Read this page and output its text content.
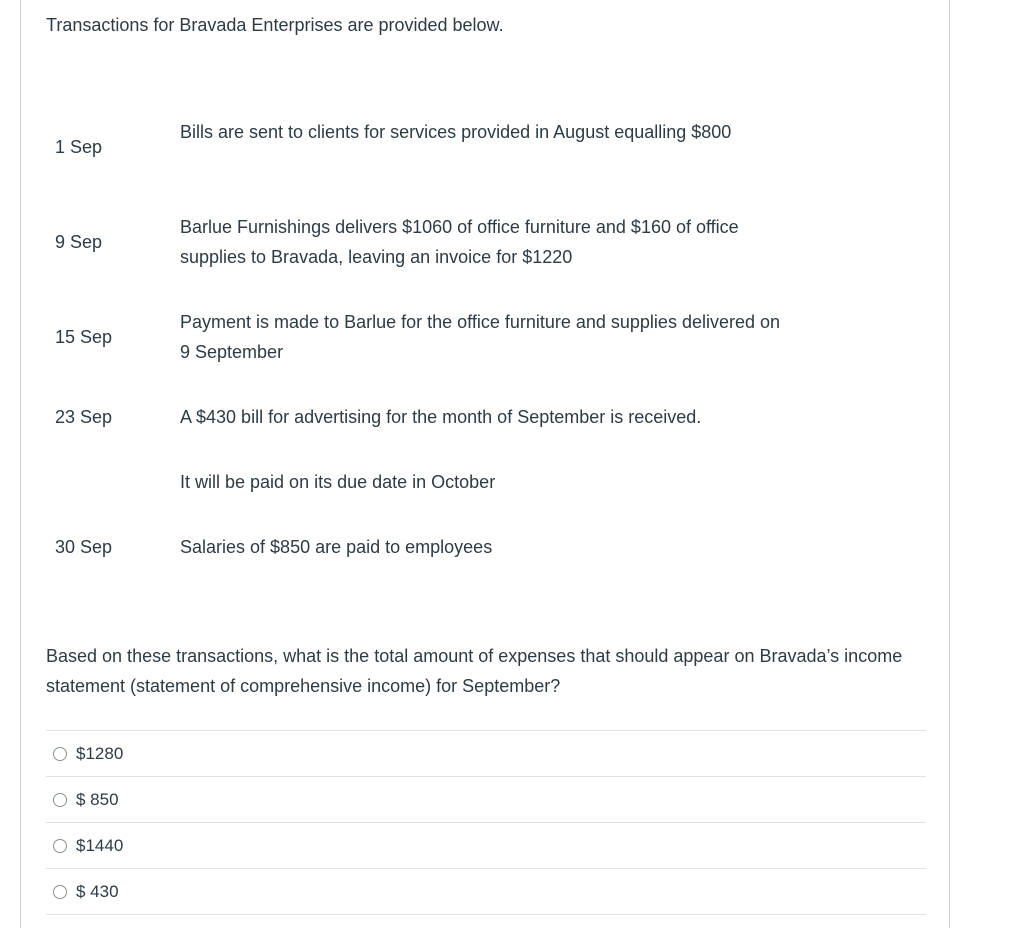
Transactions for Bravada Enterprises are provided below.
1 Sep
Bills are sent to clients for services provided in August equalling $800
9 Sep
Barlue Furnishings delivers $1060 of office furniture and $160 of office supplies to Bravada, leaving an invoice for $1220
15 Sep
Payment is made to Barlue for the office furniture and supplies delivered on 9 September
23 Sep	A $430 bill for advertising for the month of September is received.
It will be paid on its due date in October
30 Sep	Salaries of $850 are paid to employees
Based on these transactions, what is the total amount of expenses that should appear on Bravada’s income statement (statement of comprehensive income) for September?
$1280
$ 850
$1440
$ 430
